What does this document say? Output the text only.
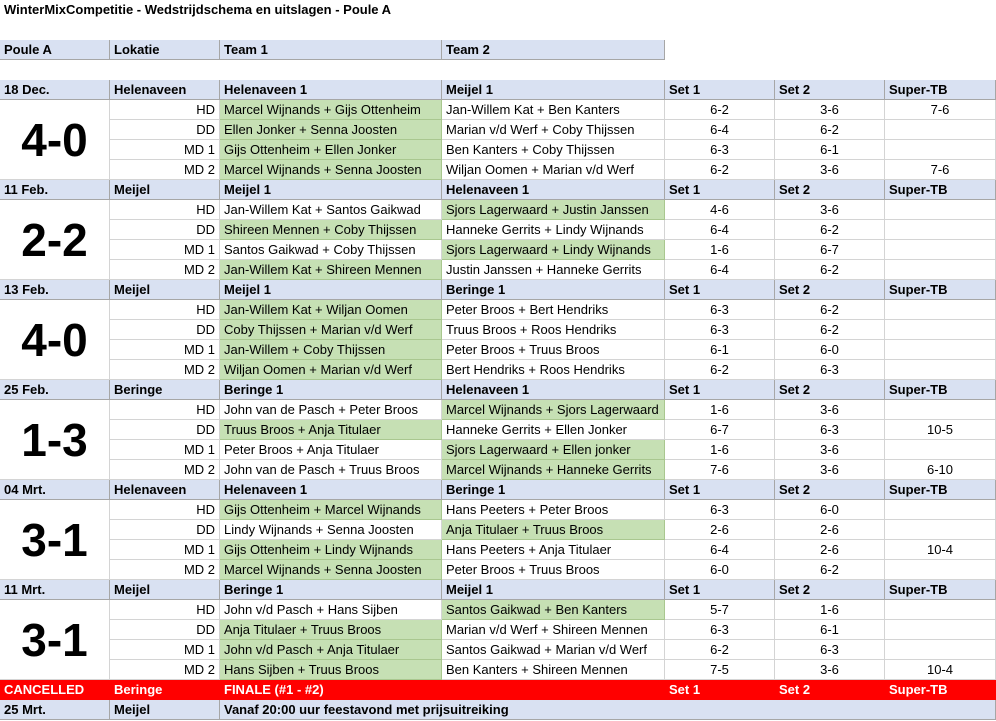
WinterMixCompetitie - Wedstrijdschema en uitslagen - Poule A
Poule A	Lokatie	Team 1	Team 2
18 Dec.	Helenaveen	Helenaveen 1	Meijel 1	Set 1	Set 2	Super-TB
4-0
HD Marcel Wijnands + Gijs Ottenheim	Jan-Willem Kat + Ben Kanters	6-2	3-6	7-6
DD Ellen Jonker + Senna Joosten	Marian v/d Werf + Coby Thijssen	6-4	6-2
MD 1 Gijs Ottenheim + Ellen Jonker	Ben Kanters + Coby Thijssen	6-3	6-1
MD 2 Marcel Wijnands + Senna Joosten	Wiljan Oomen + Marian v/d Werf	6-2	3-6	7-6
11 Feb.	Meijel	Meijel 1	Helenaveen 1	Set 1	Set 2	Super-TB
2-2
HD Jan-Willem Kat + Santos Gaikwad	Sjors Lagerwaard + Justin Janssen	4-6	3-6
DD Shireen Mennen + Coby Thijssen	Hanneke Gerrits + Lindy Wijnands	6-4	6-2
MD 1 Santos Gaikwad + Coby Thijssen	Sjors Lagerwaard + Lindy Wijnands	1-6	6-7
MD 2 Jan-Willem Kat + Shireen Mennen	Justin Janssen + Hanneke Gerrits	6-4	6-2
13 Feb.	Meijel	Meijel 1	Beringe 1	Set 1	Set 2	Super-TB
4-0
HD Jan-Willem Kat + Wiljan Oomen	Peter Broos + Bert Hendriks	6-3	6-2
DD Coby Thijssen + Marian v/d Werf	Truus Broos + Roos Hendriks	6-3	6-2
MD 1 Jan-Willem + Coby Thijssen	Peter Broos + Truus Broos	6-1	6-0
MD 2 Wiljan Oomen + Marian v/d Werf	Bert Hendriks + Roos Hendriks	6-2	6-3
25 Feb.	Beringe	Beringe 1	Helenaveen 1	Set 1	Set 2	Super-TB
1-3
HD John van de Pasch + Peter Broos	Marcel Wijnands + Sjors Lagerwaard	1-6	3-6
DD Truus Broos + Anja Titulaer	Hanneke Gerrits + Ellen Jonker	6-7	6-3	10-5
MD 1 Peter Broos + Anja Titulaer	Sjors Lagerwaard + Ellen jonker	1-6	3-6
MD 2 John van de Pasch + Truus Broos	Marcel Wijnands + Hanneke Gerrits	7-6	3-6	6-10
04 Mrt.	Helenaveen	Helenaveen 1	Beringe 1	Set 1	Set 2	Super-TB
3-1
HD Gijs Ottenheim + Marcel Wijnands	Hans Peeters + Peter Broos	6-3	6-0
DD Lindy Wijnands + Senna Joosten	Anja Titulaer + Truus Broos	2-6	2-6
MD 1 Gijs Ottenheim + Lindy Wijnands	Hans Peeters + Anja Titulaer	6-4	2-6	10-4
MD 2 Marcel Wijnands + Senna Joosten	Peter Broos + Truus Broos	6-0	6-2
11 Mrt.	Meijel	Beringe 1	Meijel 1	Set 1	Set 2	Super-TB
3-1
HD John v/d Pasch + Hans Sijben	Santos Gaikwad + Ben Kanters	5-7	1-6
DD Anja Titulaer + Truus Broos	Marian v/d Werf + Shireen Mennen	6-3	6-1
MD 1 John v/d Pasch + Anja Titulaer	Santos Gaikwad + Marian v/d Werf	6-2	6-3
MD 2 Hans Sijben + Truus Broos	Ben Kanters + Shireen Mennen	7-5	3-6	10-4
CANCELLED	Beringe	FINALE (#1 - #2)	Set 1	Set 2	Super-TB
25 Mrt.	Meijel	Vanaf 20:00 uur feestavond met prijsuitreiking
